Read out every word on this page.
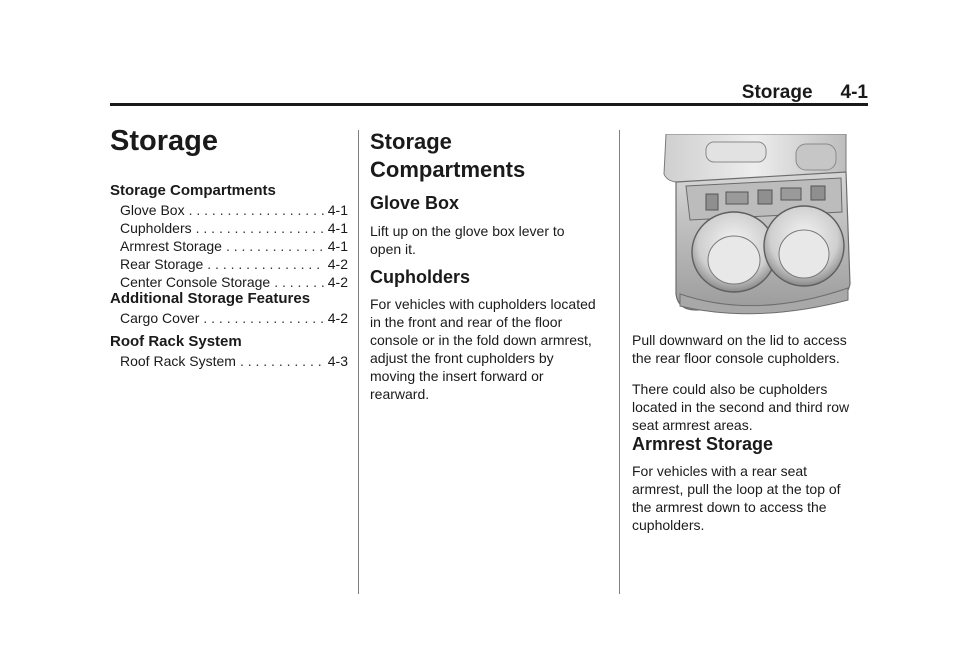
Storage 4-1
Storage
Storage Compartments
Glove Box . . .	4-1
Cupholders . . .	4-1
Armrest Storage . . .	4-1
Rear Storage . . .	4-2
Center Console Storage . . .	4-2
Additional Storage Features
Cargo Cover . . .	4-2
Roof Rack System
Roof Rack System . . .	4-3
Storage
Compartments
Glove Box

Lift up on the glove box lever to
open it.

Cupholders

For vehicles with cupholders located
in the front and rear of the floor
console or in the fold down armrest,
adjust the front cupholders by
moving the insert forward or
rearward.

Pull downward on the lid to access
the rear floor console cupholders.

There could also be cupholders
located in the second and third row
seat armrest areas.

Armrest Storage

For vehicles with a rear seat
armrest, pull the loop at the top of
the armrest down to access the
cupholders.
